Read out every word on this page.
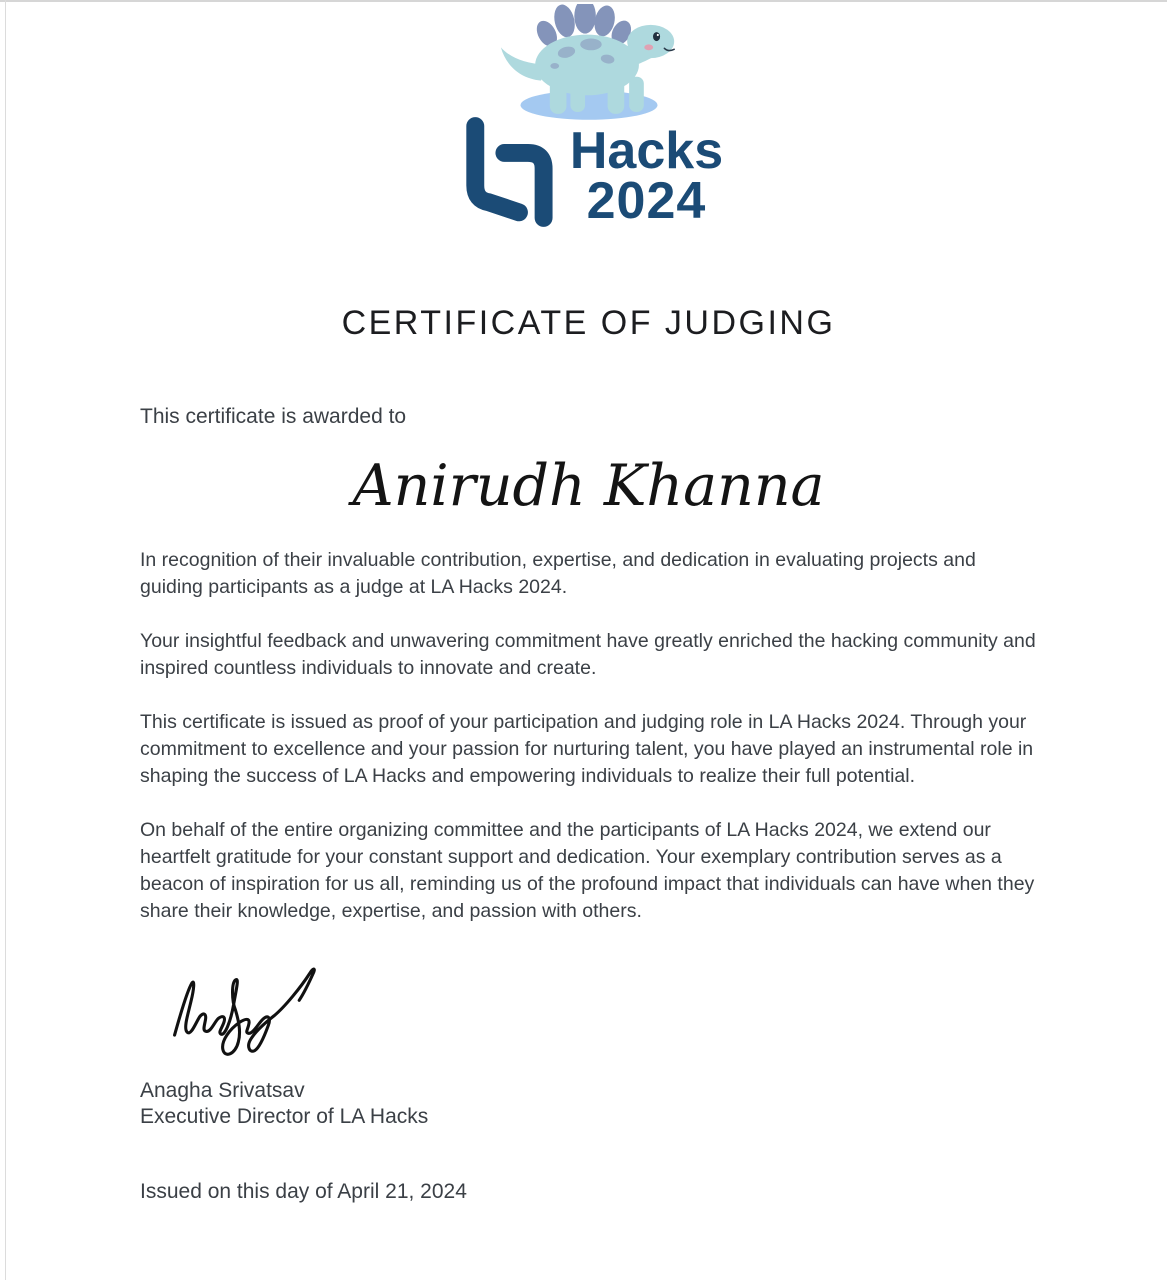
Hacks
2024
CERTIFICATE OF JUDGING
This certificate is awarded to
Anirudh Khanna

In recognition of their invaluable contribution, expertise, and dedication in evaluating projects and guiding participants as a judge at LA Hacks 2024.

Your insightful feedback and unwavering commitment have greatly enriched the hacking community and inspired countless individuals to innovate and create.

This certificate is issued as proof of your participation and judging role in LA Hacks 2024. Through your commitment to excellence and your passion for nurturing talent, you have played an instrumental role in shaping the success of LA Hacks and empowering individuals to realize their full potential.

On behalf of the entire organizing committee and the participants of LA Hacks 2024, we extend our heartfelt gratitude for your constant support and dedication. Your exemplary contribution serves as a beacon of inspiration for us all, reminding us of the profound impact that individuals can have when they share their knowledge, expertise, and passion with others.

Anagha Srivatsav
Executive Director of LA Hacks
Issued on this day of April 21, 2024
